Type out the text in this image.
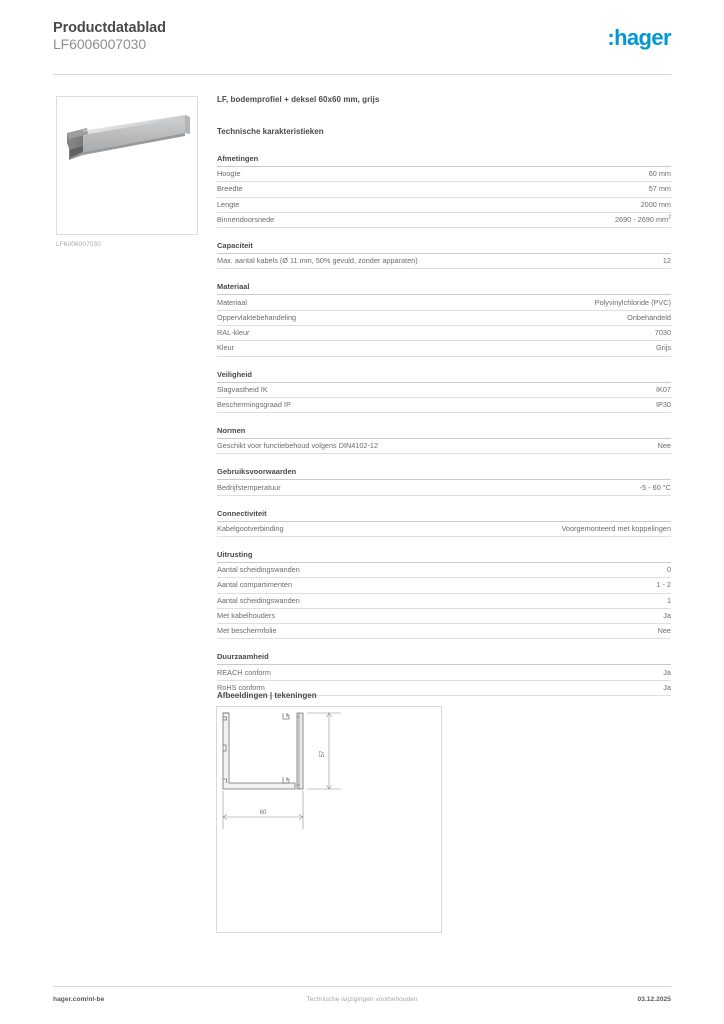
Productdatablad
LF6006007030	:hager
LF6006007030
LF, bodemprofiel + deksel 60x60 mm, grijs
Technische karakteristieken
Afmetingen
Hoogte	60 mm
Breedte	57 mm
Lengte	2000 mm
Binnendoorsnede	2690 - 2690 $mm^2$
Capaciteit
Max. aantal kabels (Ø 11 mm, 50% gevuld, zonder apparaten)	12
Materiaal
Materiaal	Polyvinylchloride (PVC)
Oppervlaktebehandeling	Onbehandeld
RAL-kleur	7030
Kleur	Grijs
Veiligheid
Slagvastheid IK	IK07
Beschermingsgraad IP	IP30
Normen
Geschikt voor functiebehoud volgens DIN4102-12	Nee
Gebruiksvoorwaarden
Bedrijfstemperatuur	-5 - 60 °C
Connectiviteit
Kabelgootverbinding	Voorgemonteerd met koppelingen
Uitrusting
Aantal scheidingswanden	0
Aantal compartimenten	1 - 2
Aantal scheidingswanden	1
Met kabelhouders	Ja
Met beschermfolie	Nee
Duurzaamheid
REACH conform	Ja
RoHS conform	Ja
Afbeeldingen | tekeningen
57
60
hager.com/nl-be	Technische wijzigingen voorbehouden	03.12.2025
